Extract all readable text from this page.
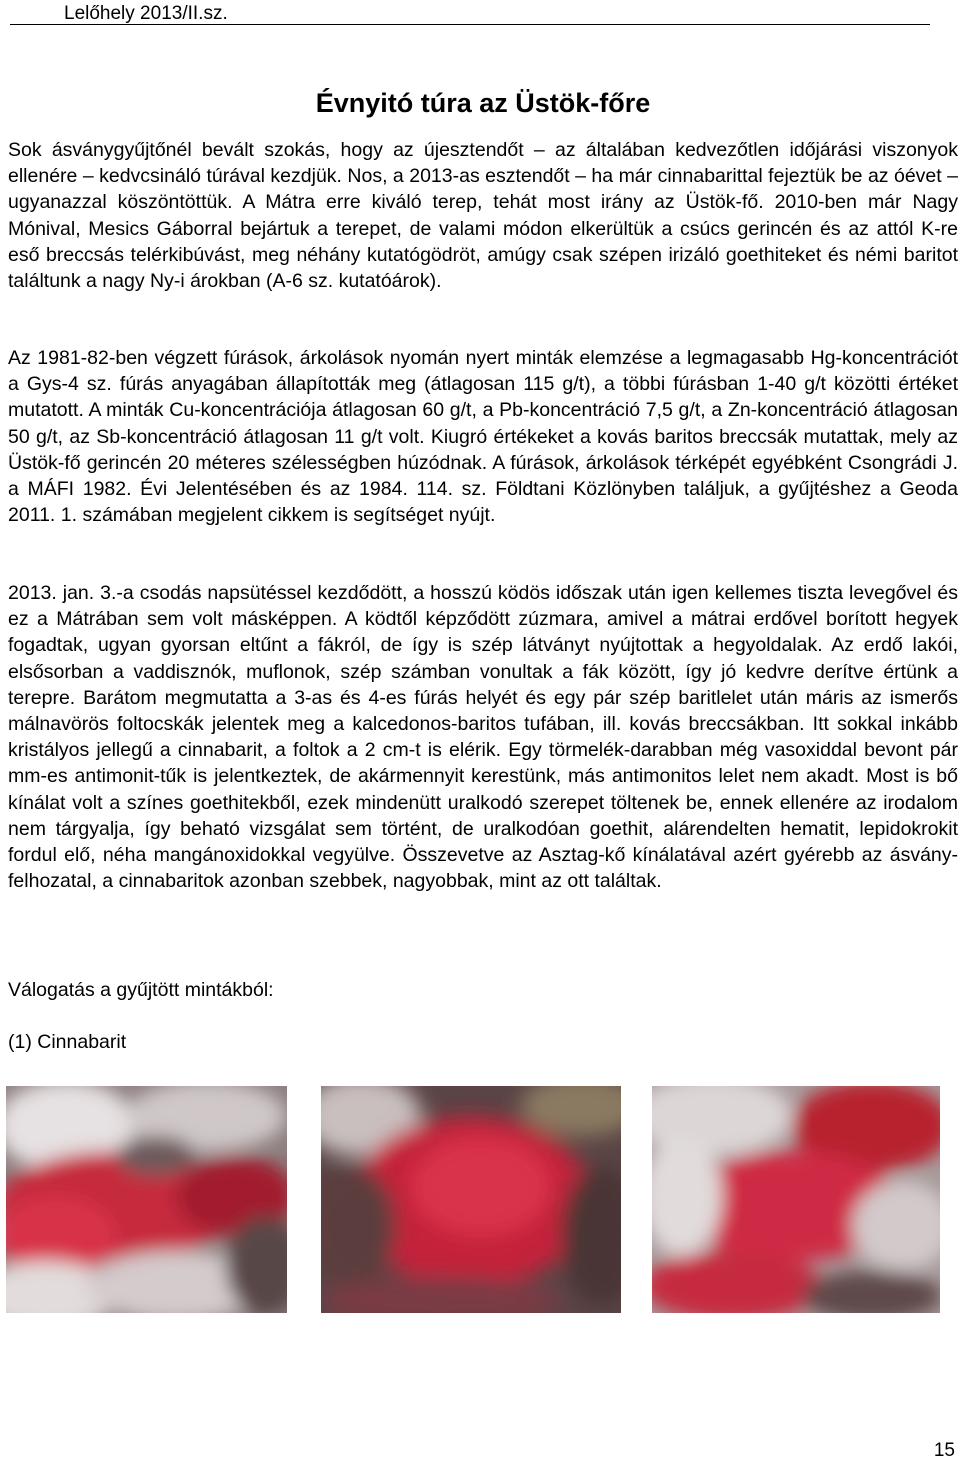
Lelőhely 2013/II.sz.
Évnyitó túra az Üstök-főre

Sok ásványgyűjtőnél bevált szokás, hogy az újesztendőt – az általában kedvezőtlen időjárási viszonyok ellenére – kedvcsináló túrával kezdjük. Nos, a 2013-as esztendőt – ha már cinnabarittal fejeztük be az óévet – ugyanazzal köszöntöttük. A Mátra erre kiváló terep, tehát most irány az Üstök-fő. 2010-ben már Nagy Mónival, Mesics Gáborral bejártuk a terepet, de valami módon elkerültük a csúcs gerincén és az attól K-re eső breccsás telérkibúvást, meg néhány kutatógödröt, amúgy csak szépen irizáló goethiteket és némi baritot találtunk a nagy Ny-i árokban (A-6 sz. kutatóárok).

Az 1981-82-ben végzett fúrások, árkolások nyomán nyert minták elemzése a legmagasabb Hg-koncentrációt a Gys-4 sz. fúrás anyagában állapították meg (átlagosan 115 g/t), a többi fúrásban 1-40 g/t közötti értéket mutatott. A minták Cu-koncentrációja átlagosan 60 g/t, a Pb-koncentráció 7,5 g/t, a Zn-koncentráció átlagosan 50 g/t, az Sb-koncentráció átlagosan 11 g/t volt. Kiugró értékeket a kovás baritos breccsák mutattak, mely az Üstök-fő gerincén 20 méteres szélességben húzódnak. A fúrások, árkolások térképét egyébként Csongrádi J. a MÁFI 1982. Évi Jelentésében és az 1984. 114. sz. Földtani Közlönyben találjuk, a gyűjtéshez a Geoda 2011. 1. számában megjelent cikkem is segítséget nyújt.

2013. jan. 3.-a csodás napsütéssel kezdődött, a hosszú ködös időszak után igen kellemes tiszta levegővel és ez a Mátrában sem volt másképpen. A ködtől képződött zúzmara, amivel a mátrai erdővel borított hegyek fogadtak, ugyan gyorsan eltűnt a fákról, de így is szép látványt nyújtottak a hegyoldalak. Az erdő lakói, elsősorban a vaddisznók, muflonok, szép számban vonultak a fák között, így jó kedvre derítve értünk a terepre. Barátom megmutatta a 3-as és 4-es fúrás helyét és egy pár szép baritlelet után máris az ismerős málnavörös foltocskák jelentek meg a kalcedonos-baritos tufában, ill. kovás breccsákban. Itt sokkal inkább kristályos jellegű a cinnabarit, a foltok a 2 cm-t is elérik. Egy törmelék-darabban még vasoxiddal bevont pár mm-es antimonit-tűk is jelentkeztek, de akármennyit kerestünk, más antimonitos lelet nem akadt. Most is bő kínálat volt a színes goethitekből, ezek mindenütt uralkodó szerepet töltenek be, ennek ellenére az irodalom nem tárgyalja, így beható vizsgálat sem történt, de uralkodóan goethit, alárendelten hematit, lepidokrokit fordul elő, néha mangánoxidokkal vegyülve. Összevetve az Asztag-kő kínálatával azért gyérebb az ásvány-felhozatal, a cinnabaritok azonban szebbek, nagyobbak, mint az ott találtak.

Válogatás a gyűjtött mintákból:

(1) Cinnabarit

15
